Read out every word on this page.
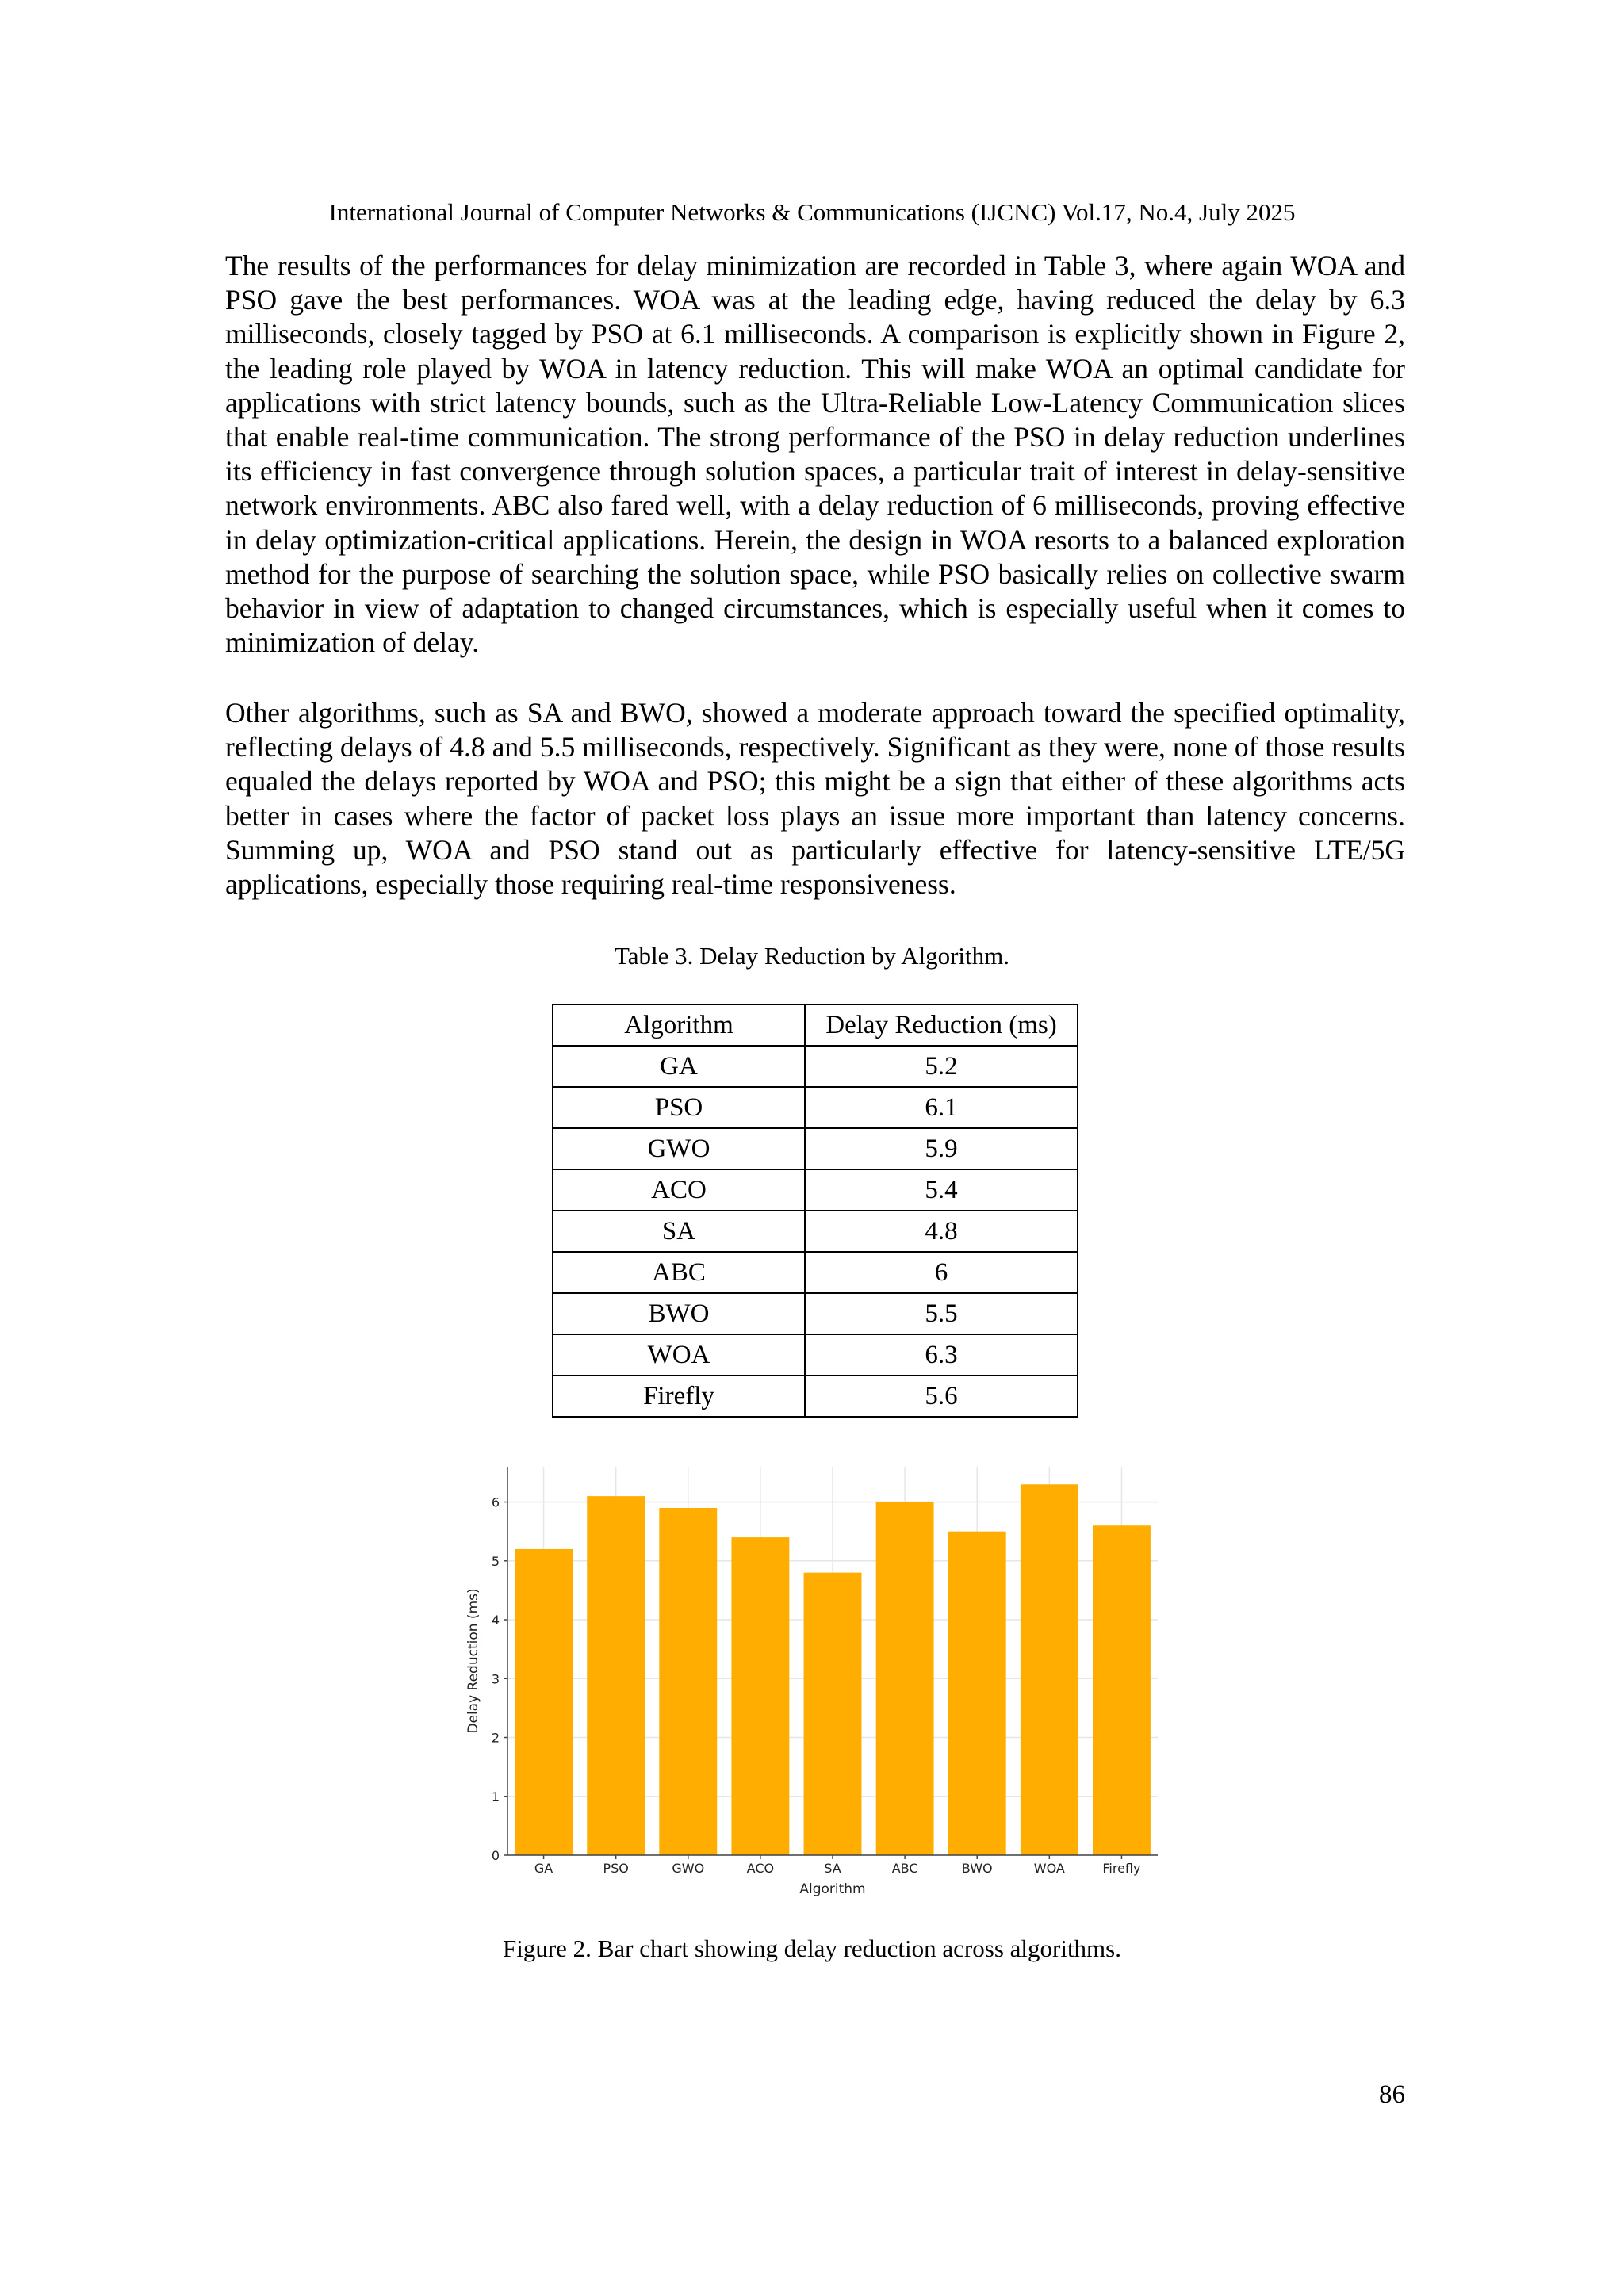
International Journal of Computer Networks & Communications (IJCNC) Vol.17, No.4, July 2025

The results of the performances for delay minimization are recorded in Table 3, where again WOA and PSO gave the best performances. WOA was at the leading edge, having reduced the delay by 6.3 milliseconds, closely tagged by PSO at 6.1 milliseconds. A comparison is explicitly shown in Figure 2, the leading role played by WOA in latency reduction. This will make WOA an optimal candidate for applications with strict latency bounds, such as the Ultra-Reliable Low-Latency Communication slices that enable real-time communication. The strong performance of the PSO in delay reduction underlines its efficiency in fast convergence through solution spaces, a particular trait of interest in delay-sensitive network environments. ABC also fared well, with a delay reduction of 6 milliseconds, proving effective in delay optimization-critical applications. Herein, the design in WOA resorts to a balanced exploration method for the purpose of searching the solution space, while PSO basically relies on collective swarm behavior in view of adaptation to changed circumstances, which is especially useful when it comes to minimization of delay.

Other algorithms, such as SA and BWO, showed a moderate approach toward the specified optimality, reflecting delays of 4.8 and 5.5 milliseconds, respectively. Significant as they were, none of those results equaled the delays reported by WOA and PSO; this might be a sign that either of these algorithms acts better in cases where the factor of packet loss plays an issue more important than latency concerns. Summing up, WOA and PSO stand out as particularly effective for latency-sensitive LTE/5G applications, especially those requiring real-time responsiveness.

Table 3. Delay Reduction by Algorithm.
Algorithm	Delay Reduction (ms)
GA	5.2
PSO	6.1
GWO	5.9
ACO	5.4
SA	4.8
ABC	6
BWO	5.5
WOA	6.3
Firefly	5.6
GA	PSO	GWO	ACO	SA	ABC	BWO	WOA	Firefly
0
1
2
3
4
5
6
Algorithm
Delay Reduction (ms)
Figure 2. Bar chart showing delay reduction across algorithms.
86
